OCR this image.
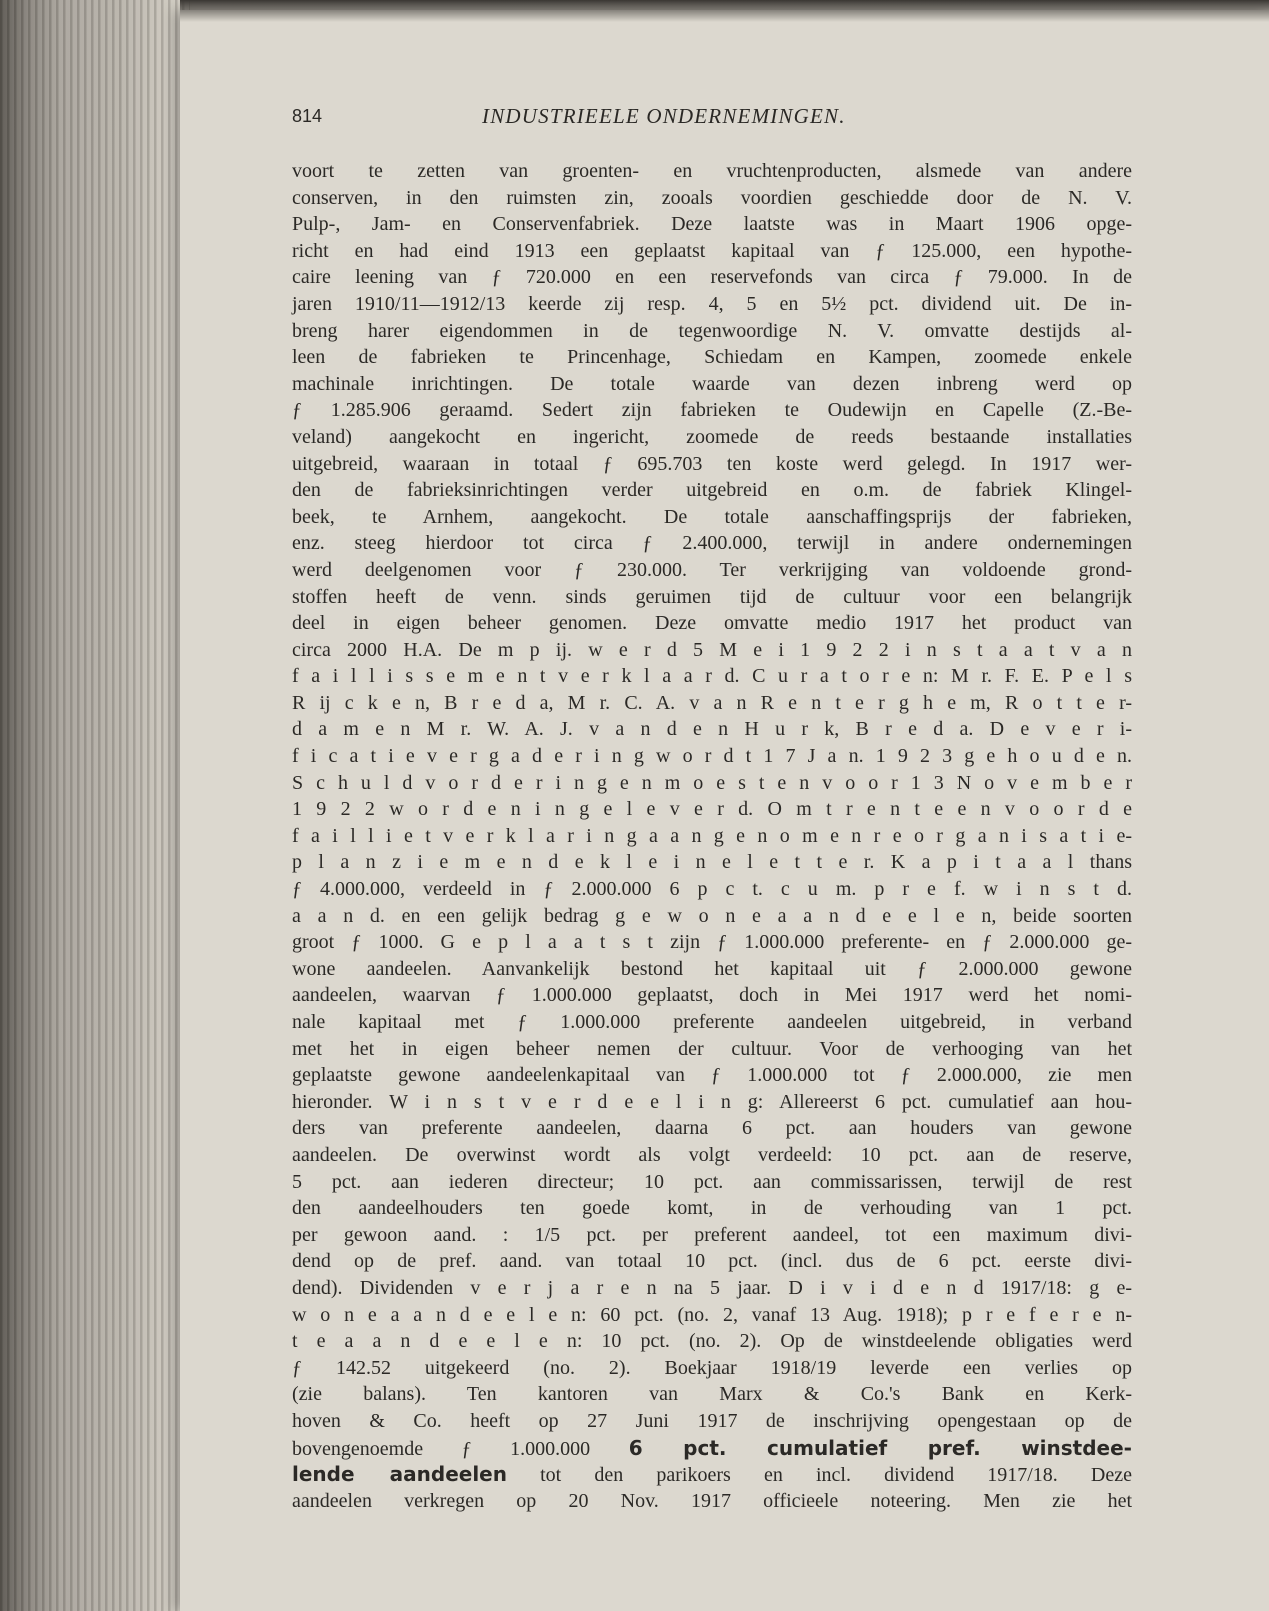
814	INDUSTRIEELE ONDERNEMINGEN.
voort te zetten van groenten- en vruchtenproducten, alsmede van andere
conserven, in den ruimsten zin, zooals voordien geschiedde door de N. V.
Pulp-, Jam- en Conservenfabriek. Deze laatste was in Maart 1906 opge-
richt en had eind 1913 een geplaatst kapitaal van ƒ 125.000, een hypothe-
caire leening van ƒ 720.000 en een reservefonds van circa ƒ 79.000. In de
jaren 1910/11—1912/13 keerde zij resp. 4, 5 en 5½ pct. dividend uit. De in-
breng harer eigendommen in de tegenwoordige N. V. omvatte destijds al-
leen de fabrieken te Princenhage, Schiedam en Kampen, zoomede enkele
machinale inrichtingen. De totale waarde van dezen inbreng werd op
ƒ 1.285.906 geraamd. Sedert zijn fabrieken te Oudewijn en Capelle (Z.-Be-
veland) aangekocht en ingericht, zoomede de reeds bestaande installaties
uitgebreid, waaraan in totaal ƒ 695.703 ten koste werd gelegd. In 1917 wer-
den de fabrieksinrichtingen verder uitgebreid en o.m. de fabriek Klingel-
beek, te Arnhem, aangekocht. De totale aanschaffingsprijs der fabrieken,
enz. steeg hierdoor tot circa ƒ 2.400.000, terwijl in andere ondernemingen
werd deelgenomen voor ƒ 230.000. Ter verkrijging van voldoende grond-
stoffen heeft de venn. sinds geruimen tijd de cultuur voor een belangrijk
deel in eigen beheer genomen. Deze omvatte medio 1917 het product van
circa 2000 H.A. De m p ij. w e r d 5 M e i 1 9 2 2 i n s t a a t v a n
f a i l l i s s e m e n t v e r k l a a r d. C u r a t o r e n: M r. F. E. P e l s
R ij c k e n, B r e d a, M r. C. A. v a n R e n t e r g h e m, R o t t e r-
d a m e n M r. W. A. J. v a n d e n H u r k, B r e d a. D e v e r i-
f i c a t i e v e r g a d e r i n g w o r d t 1 7 J a n. 1 9 2 3 g e h o u d e n.
S c h u l d v o r d e r i n g e n m o e s t e n v o o r 1 3 N o v e m b e r
1 9 2 2 w o r d e n i n g e l e v e r d. O m t r e n t e e n v o o r d e
f a i l l i e t v e r k l a r i n g a a n g e n o m e n r e o r g a n i s a t i e-
p l a n z i e m e n d e k l e i n e l e t t e r. K a p i t a a l thans
ƒ 4.000.000, verdeeld in ƒ 2.000.000 6 p c t. c u m. p r e f. w i n s t d.
a a n d. en een gelijk bedrag g e w o n e a a n d e e l e n, beide soorten
groot ƒ 1000. G e p l a a t s t zijn ƒ 1.000.000 preferente- en ƒ 2.000.000 ge-
wone aandeelen. Aanvankelijk bestond het kapitaal uit ƒ 2.000.000 gewone
aandeelen, waarvan ƒ 1.000.000 geplaatst, doch in Mei 1917 werd het nomi-
nale kapitaal met ƒ 1.000.000 preferente aandeelen uitgebreid, in verband
met het in eigen beheer nemen der cultuur. Voor de verhooging van het
geplaatste gewone aandeelenkapitaal van ƒ 1.000.000 tot ƒ 2.000.000, zie men
hieronder. W i n s t v e r d e e l i n g: Allereerst 6 pct. cumulatief aan hou-
ders van preferente aandeelen, daarna 6 pct. aan houders van gewone
aandeelen. De overwinst wordt als volgt verdeeld: 10 pct. aan de reserve,
5 pct. aan iederen directeur; 10 pct. aan commissarissen, terwijl de rest
den aandeelhouders ten goede komt, in de verhouding van 1 pct.
per gewoon aand. : 1/5 pct. per preferent aandeel, tot een maximum divi-
dend op de pref. aand. van totaal 10 pct. (incl. dus de 6 pct. eerste divi-
dend). Dividenden v e r j a r e n na 5 jaar. D i v i d e n d 1917/18: g e-
w o n e a a n d e e l e n: 60 pct. (no. 2, vanaf 13 Aug. 1918); p r e f e r e n-
t e a a n d e e l e n: 10 pct. (no. 2). Op de winstdeelende obligaties werd
ƒ 142.52 uitgekeerd (no. 2). Boekjaar 1918/19 leverde een verlies op
(zie balans). Ten kantoren van Marx & Co.'s Bank en Kerk-
hoven & Co. heeft op 27 Juni 1917 de inschrijving opengestaan op de
bovengenoemde ƒ 1.000.000 6 pct. cumulatief pref. winstdee-
lende aandeelen tot den parikoers en incl. dividend 1917/18. Deze
aandeelen verkregen op 20 Nov. 1917 officieele noteering. Men zie het
